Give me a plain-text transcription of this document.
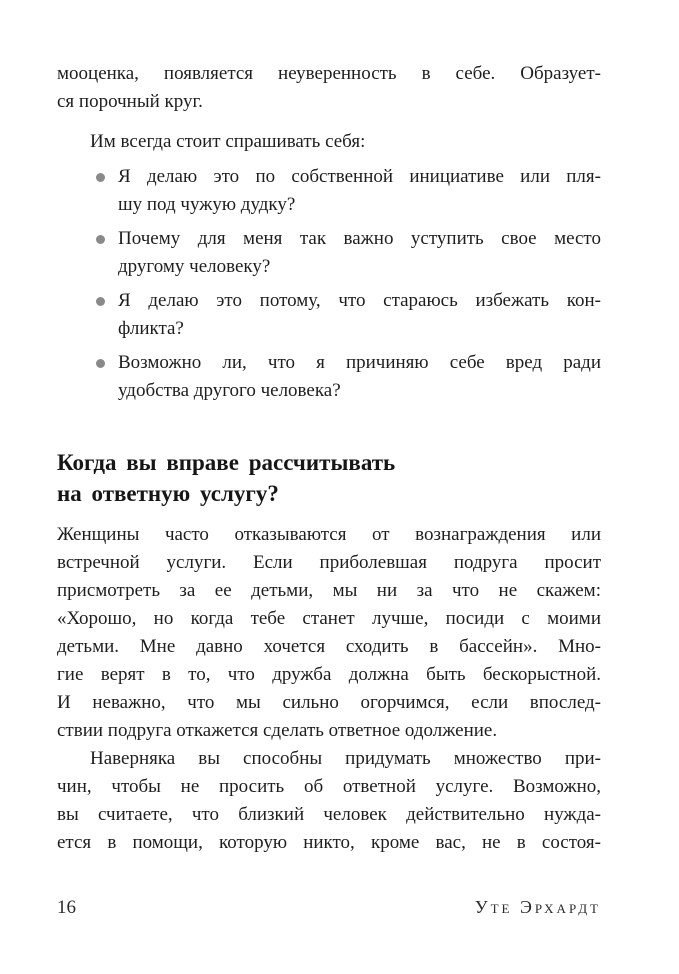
мооценка, появляется неуверенность в себе. Образует-
ся порочный круг.
Им всегда стоит спрашивать себя:
Я делаю это по собственной инициативе или пля-
шу под чужую дудку?
Почему для меня так важно уступить свое место
другому человеку?
Я делаю это потому, что стараюсь избежать кон-
фликта?
Возможно ли, что я причиняю себе вред ради
удобства другого человека?
Когда вы вправе рассчитывать
на ответную услугу?
Женщины часто отказываются от вознаграждения или
встречной услуги. Если приболевшая подруга просит
присмотреть за ее детьми, мы ни за что не скажем:
«Хорошо, но когда тебе станет лучше, посиди с моими
детьми. Мне давно хочется сходить в бассейн». Мно-
гие верят в то, что дружба должна быть бескорыстной.
И неважно, что мы сильно огорчимся, если впослед-
ствии подруга откажется сделать ответное одолжение.
Наверняка вы способны придумать множество при-
чин, чтобы не просить об ответной услуге. Возможно,
вы считаете, что близкий человек действительно нужда-
ется в помощи, которую никто, кроме вас, не в состоя-
16	Уте Эрхардт
